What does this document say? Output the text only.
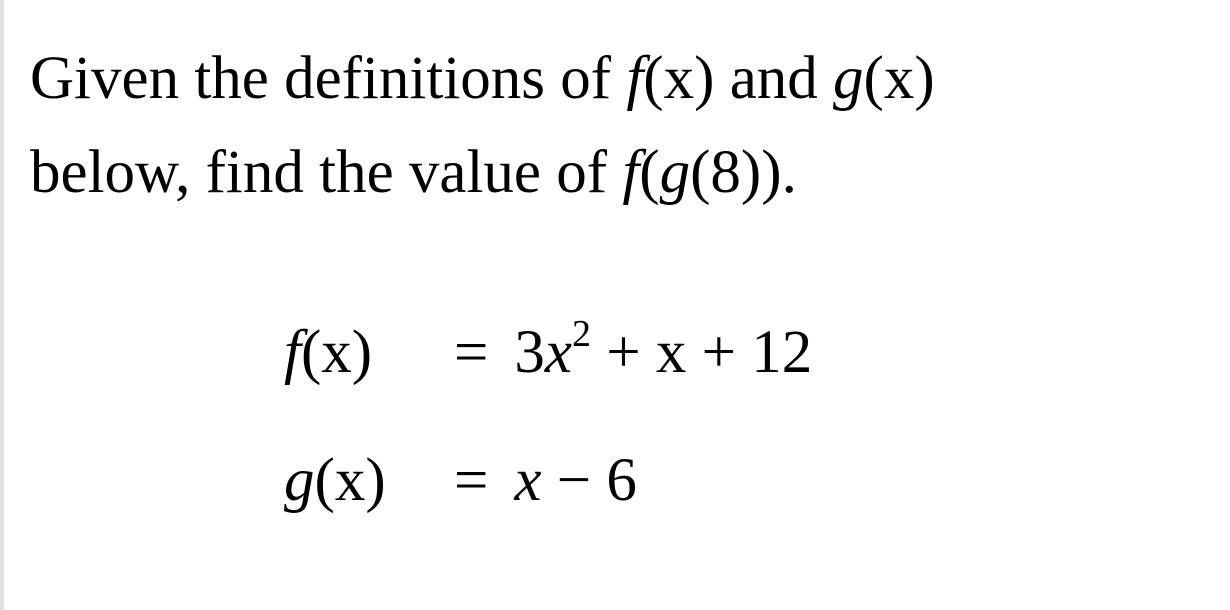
Given the definitions of f(x) and g(x)
below, find the value of f(g(8)).
f(x)	= $3x^2 + x + 12$
g(x)	= x − 6
